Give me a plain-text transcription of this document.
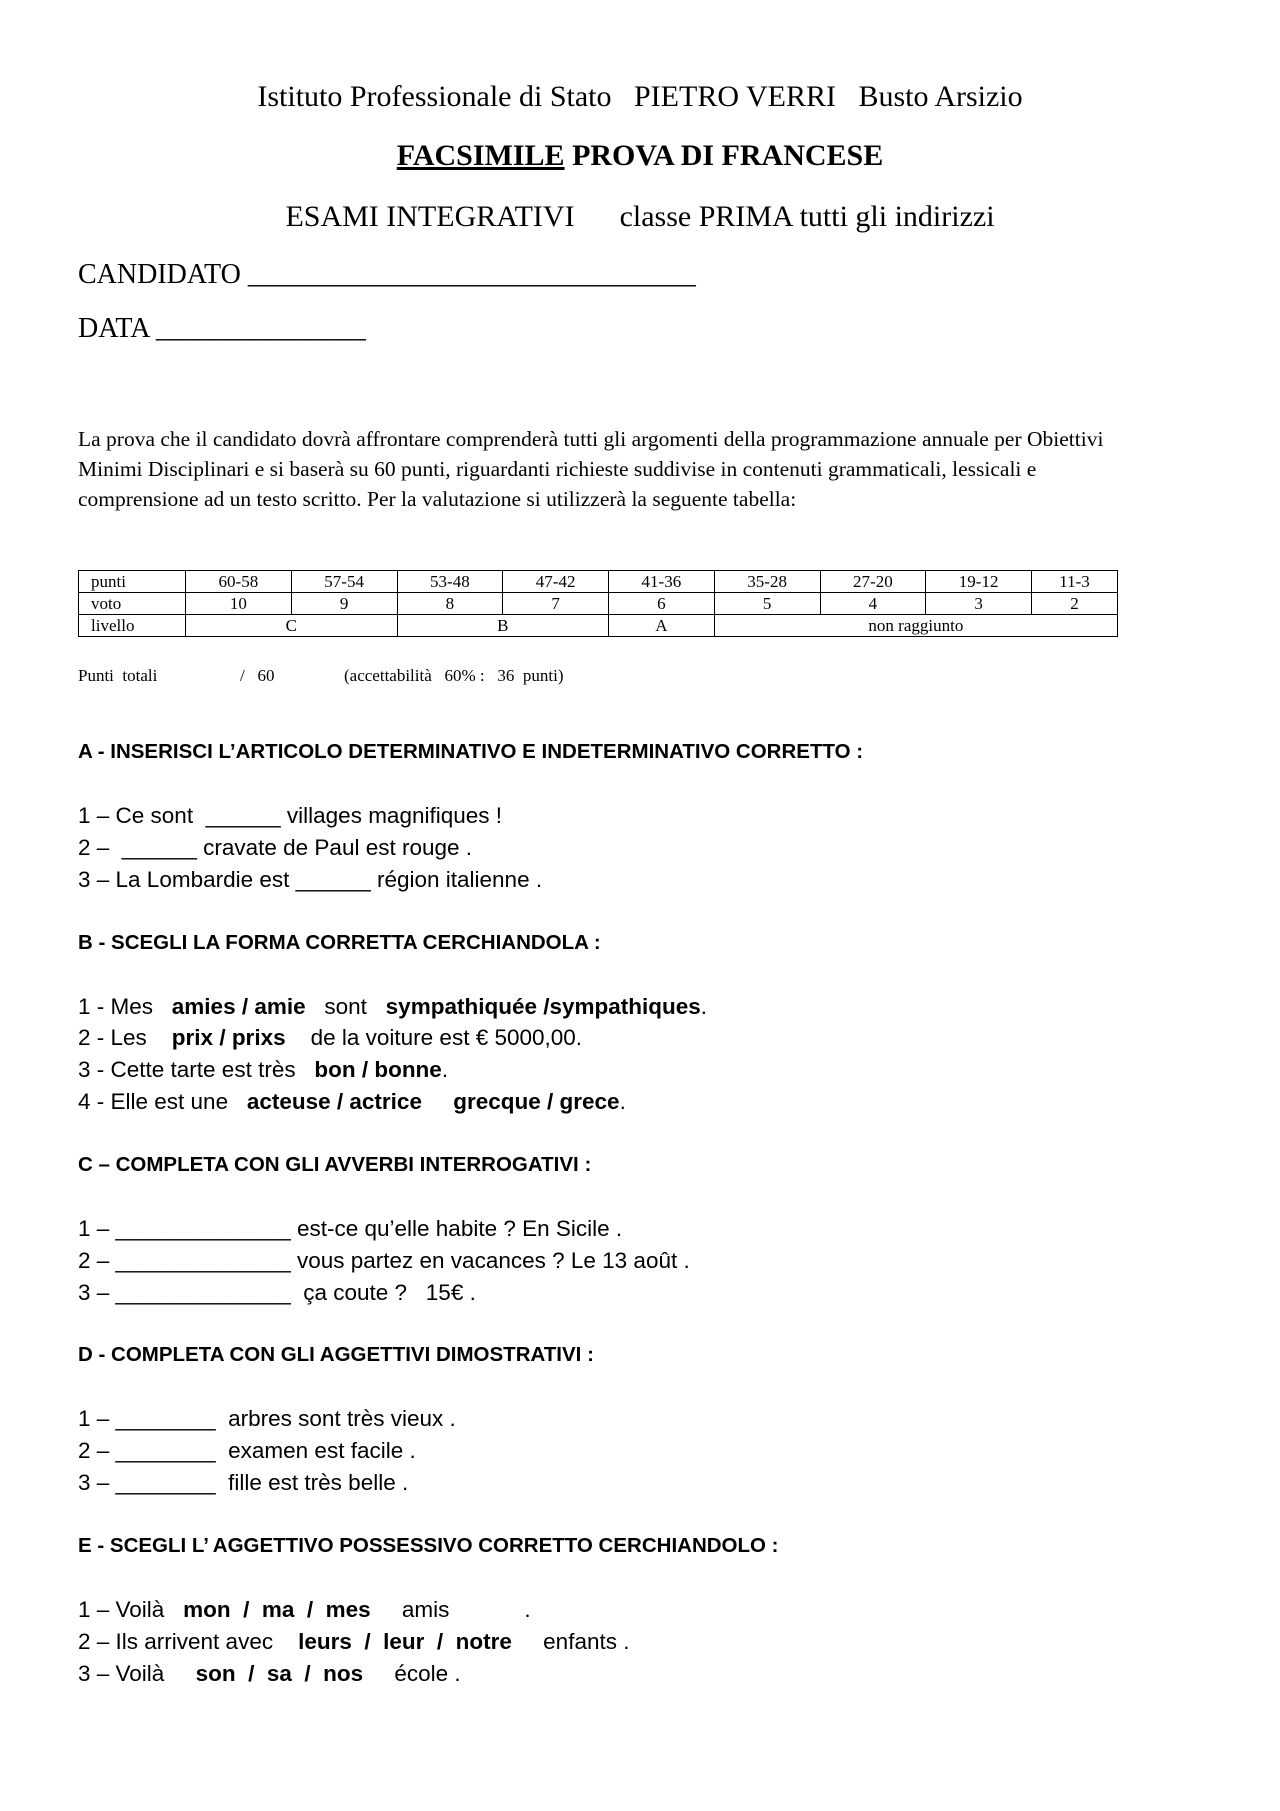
Istituto Professionale di Stato   PIETRO VERRI   Busto Arsizio
FACSIMILE PROVA DI FRANCESE
ESAMI INTEGRATIVI      classe PRIMA tutti gli indirizzi
CANDIDATO ________________________________
DATA _______________

La prova che il candidato dovrà affrontare comprenderà tutti gli argomenti della programmazione annuale per Obiettivi Minimi Disciplinari e si baserà su 60 punti, riguardanti richieste suddivise in contenuti grammaticali, lessicali e comprensione ad un testo scritto. Per la valutazione si utilizzerà la seguente tabella:

punti	60-58	57-54	53-48	47-42	41-36	35-28	27-20	19-12	11-3
voto	10	9	8	7	6	5	4	3	2
livello	C		B		A	non raggiunto			
Punti  totali	/   60	(accettabilità   60% :   36  punti)
A - INSERISCI L’ARTICOLO DETERMINATIVO E INDETERMINATIVO CORRETTO :
1 – Ce sont  ______ villages magnifiques !
2 –  ______ cravate de Paul est rouge .
3 – La Lombardie est ______ région italienne .
B - SCEGLI LA FORMA CORRETTA CERCHIANDOLA :
1 - Mes   amies / amie   sont   sympathiquée /sympathiques.
2 - Les    prix / prixs    de la voiture est € 5000,00.
3 - Cette tarte est très   bon / bonne.
4 - Elle est une   acteuse / actrice grecque / grece.
C – COMPLETA CON GLI AVVERBI INTERROGATIVI :
1 – ______________ est-ce qu’elle habite ? En Sicile .
2 – ______________ vous partez en vacances ? Le 13 août .
3 – ______________  ça coute ?   15€ .
D - COMPLETA CON GLI AGGETTIVI DIMOSTRATIVI :
1 – ________  arbres sont très vieux .
2 – ________  examen est facile .
3 – ________  fille est très belle .
E - SCEGLI L’ AGGETTIVO POSSESSIVO CORRETTO CERCHIANDOLO :
1 – Voilà   mon  /  ma  /  mes     amis            .
2 – Ils arrivent avec    leurs  /  leur  /  notre     enfants .
3 – Voilà     son  /  sa  /  nos     école .
